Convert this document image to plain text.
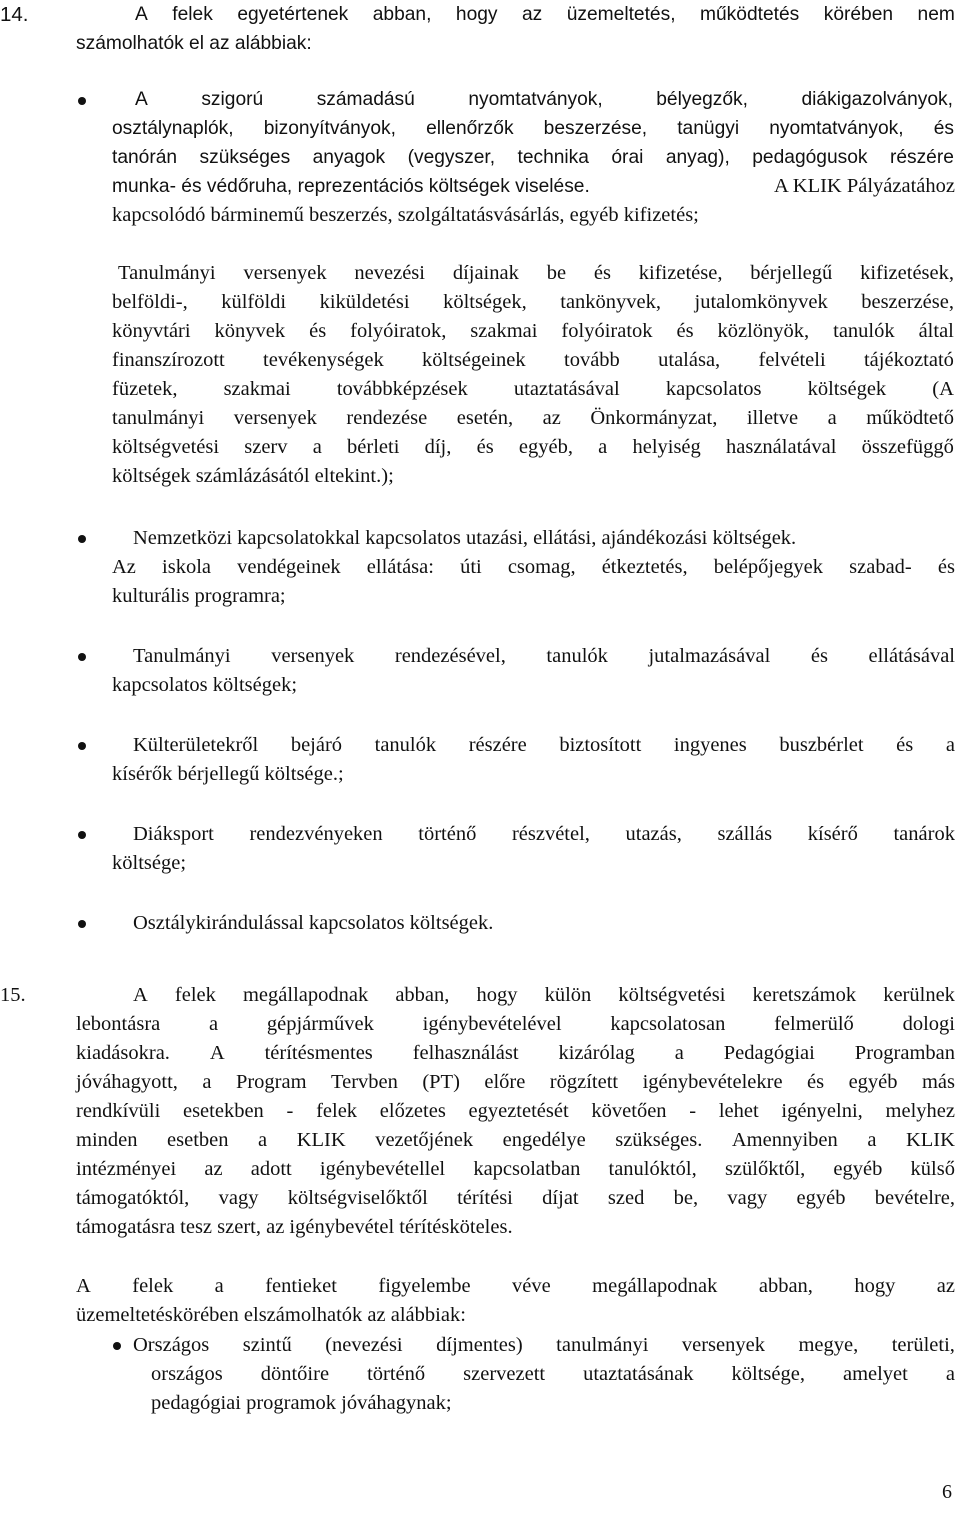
14.	A felek egyetértenek abban, hogy az üzemeltetés, működtetés körében nem
számolhatók el az alábbiak:
A	szigorú	számadású	nyomtatványok,	bélyegzők,	diákigazolványok,
osztálynaplók, bizonyítványok, ellenőrzők beszerzése, tanügyi nyomtatványok, és
tanórán szükséges anyagok (vegyszer, technika órai anyag), pedagógusok részére
munka- és védőruha, reprezentációs költségek viselése.	A KLIK Pályázatához
kapcsolódó bárminemű beszerzés, szolgáltatásvásárlás, egyéb kifizetés;
Tanulmányi versenyek nevezési díjainak be és kifizetése, bérjellegű kifizetések,
belföldi-, külföldi kiküldetési költségek, tankönyvek, jutalomkönyvek beszerzése,
könyvtári könyvek és folyóiratok, szakmai folyóiratok és közlönyök, tanulók által
finanszírozott tevékenységek költségeinek tovább utalása, felvételi tájékoztató
füzetek, szakmai továbbképzések utaztatásával kapcsolatos költségek (A
tanulmányi versenyek rendezése esetén, az Önkormányzat, illetve a működtető
költségvetési szerv a bérleti díj, és egyéb, a helyiség használatával összefüggő
költségek számlázásától eltekint.);
Nemzetközi kapcsolatokkal kapcsolatos utazási, ellátási, ajándékozási költségek.
Az iskola vendégeinek ellátása: úti csomag, étkeztetés, belépőjegyek szabad- és
kulturális programra;
Tanulmányi versenyek rendezésével, tanulók jutalmazásával és ellátásával
kapcsolatos költségek;
Külterületekről bejáró tanulók részére biztosított ingyenes buszbérlet és a
kísérők bérjellegű költsége.;
Diáksport rendezvényeken történő részvétel, utazás, szállás kísérő tanárok
költsége;
Osztálykirándulással kapcsolatos költségek.
15.	A felek megállapodnak abban, hogy külön költségvetési keretszámok kerülnek
lebontásra a gépjárművek igénybevételével kapcsolatosan felmerülő dologi
kiadásokra. A térítésmentes felhasználást kizárólag a Pedagógiai Programban
jóváhagyott, a Program Tervben (PT) előre rögzített igénybevételekre és egyéb más
rendkívüli esetekben - felek előzetes egyeztetését követően - lehet igényelni, melyhez
minden esetben a KLIK vezetőjének engedélye szükséges. Amennyiben a KLIK
intézményei az adott igénybevétellel kapcsolatban tanulóktól, szülőktől, egyéb külső
támogatóktól, vagy költségviselőktől térítési díjat szed be, vagy egyéb bevételre,
támogatásra tesz szert, az igénybevétel térítésköteles.
A felek a fentieket figyelembe véve megállapodnak abban, hogy az
üzemeltetéskörében elszámolhatók az alábbiak:
Országos szintű (nevezési díjmentes) tanulmányi versenyek megye, területi,
országos döntőire történő szervezett utaztatásának költsége, amelyet a
pedagógiai programok jóváhagynak;
6
